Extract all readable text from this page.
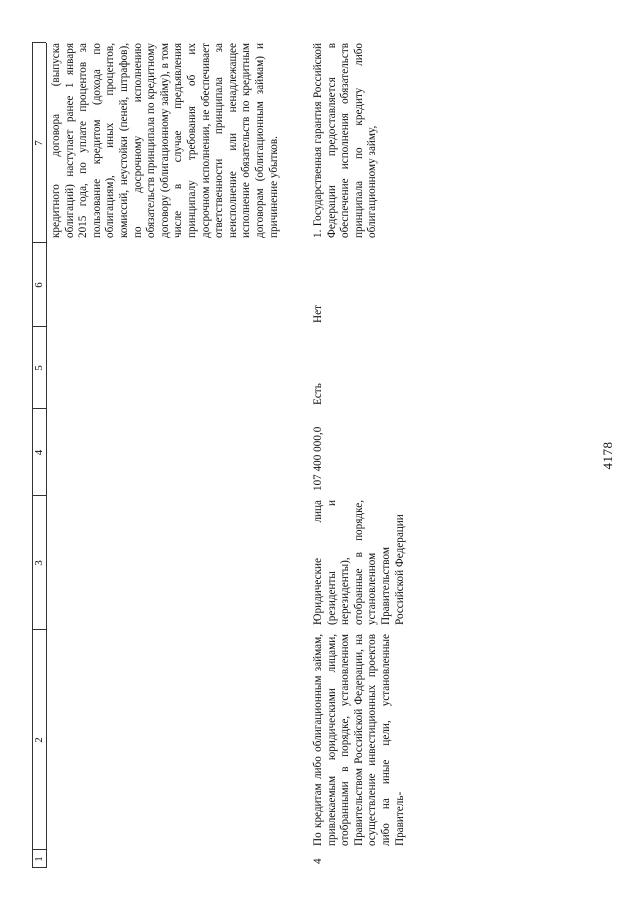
4178
1
2
3
4
5
6
7 кредитного договора (выпуска облигаций) наступает ранее 1 января 2015 года, по уплате процентов за пользование кредитом (дохода по облигациям), иных процентов, комиссий, неустойки (пеней, штрафов), по досрочному исполнению обязательств принципала по кредитному договору (облигационному займу), в том числе в случае предъявления принципалу требования об их досрочном исполнении, не обеспечивает ответственности принципала за неисполнение или ненадлежащее исполнение обязательств по кредитным договорам (облигационным займам) и причинение убытков.

4

По кредитам либо облигационным займам, привлекаемым юридическими лицами, отобранными в порядке, установленном Правительством Российской Федерации, на осуществление инвестиционных проектов либо на иные цели, установленные Правитель-

Юридические лица (резиденты и нерезиденты), отобранные в порядке, установленном Правительством Российской Федерации

107 400 000,0
Есть
Нет

1. Государственная гарантия Российской Федерации предоставляется в обеспечение исполнения обязательств принципала по кредиту либо облигационному займу,
